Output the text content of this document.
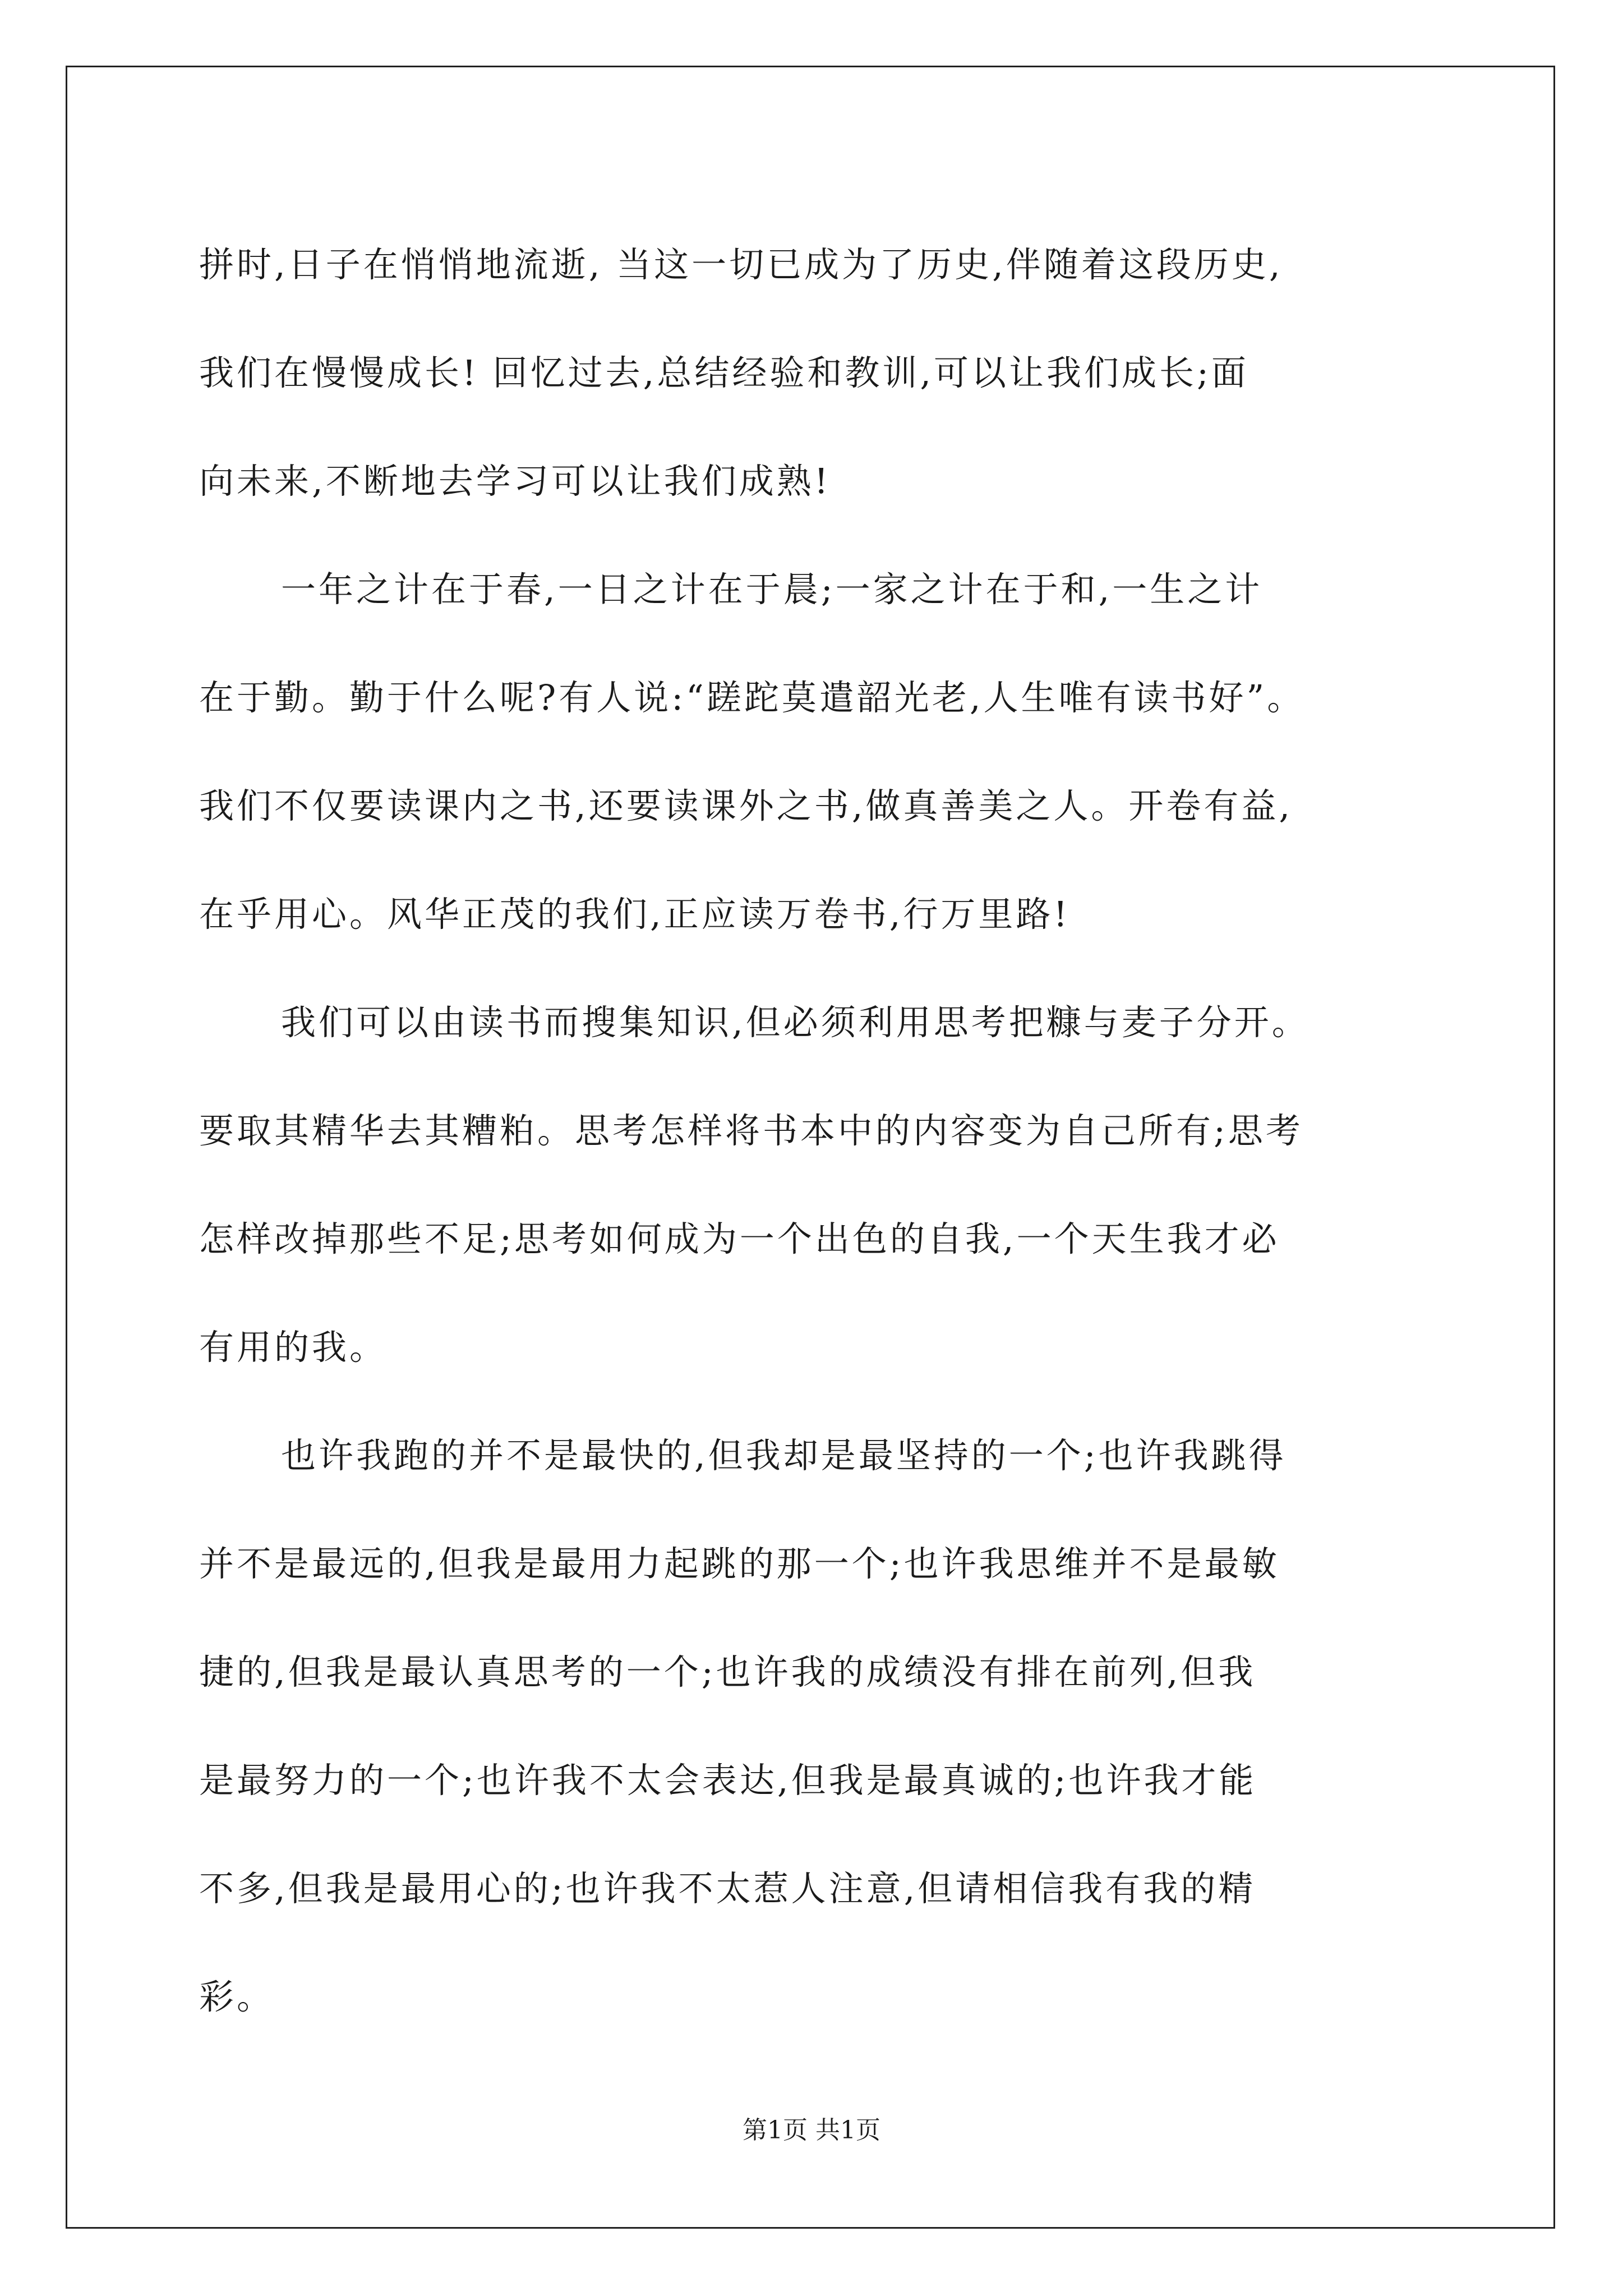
拼时,日子在悄悄地流逝, 当这一切已成为了历史,伴随着这段历史,
我们在慢慢成长! 回忆过去,总结经验和教训,可以让我们成长;面
向未来,不断地去学习可以让我们成熟!
一年之计在于春,一日之计在于晨;一家之计在于和,一生之计
在于勤。勤于什么呢?有人说:“蹉跎莫遣韶光老,人生唯有读书好”。
我们不仅要读课内之书,还要读课外之书,做真善美之人。开卷有益,
在乎用心。风华正茂的我们,正应读万卷书,行万里路!
我们可以由读书而搜集知识,但必须利用思考把糠与麦子分开。
要取其精华去其糟粕。思考怎样将书本中的内容变为自己所有;思考
怎样改掉那些不足;思考如何成为一个出色的自我,一个天生我才必
有用的我。
也许我跑的并不是最快的,但我却是最坚持的一个;也许我跳得
并不是最远的,但我是最用力起跳的那一个;也许我思维并不是最敏
捷的,但我是最认真思考的一个;也许我的成绩没有排在前列,但我
是最努力的一个;也许我不太会表达,但我是最真诚的;也许我才能
不多,但我是最用心的;也许我不太惹人注意,但请相信我有我的精
彩。
第1页 共1页
